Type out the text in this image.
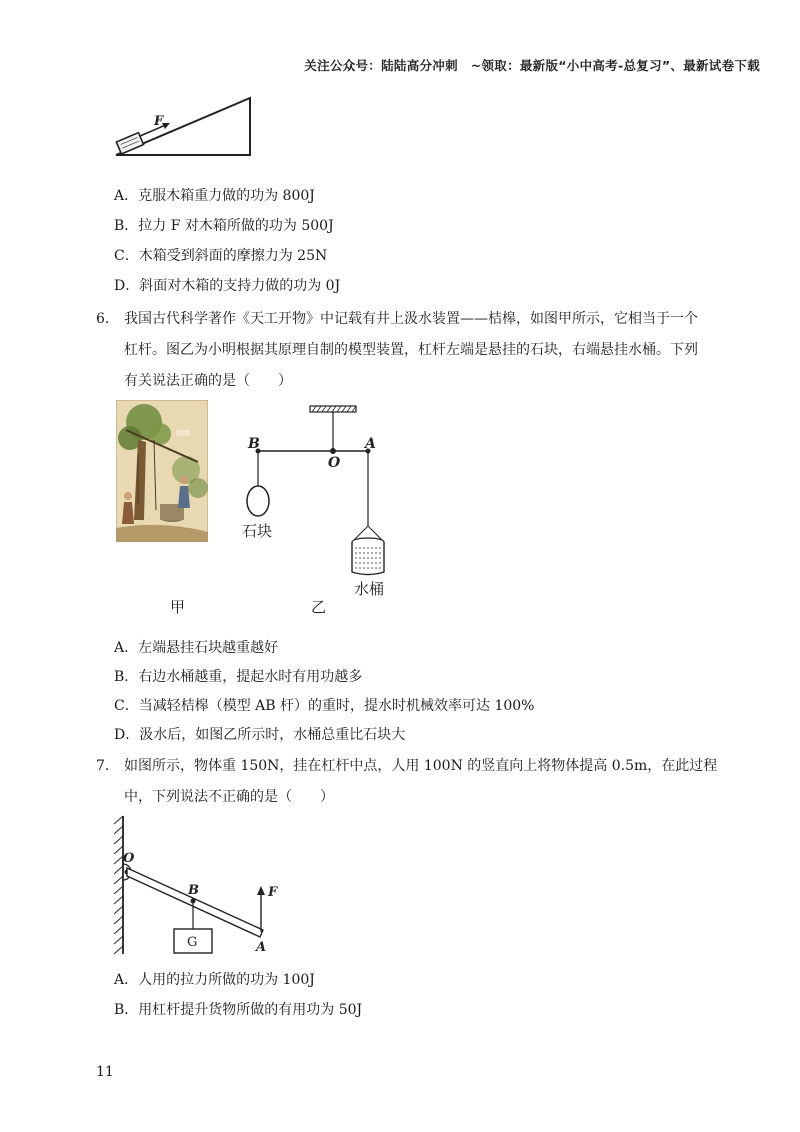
关注公众号：陆陆高分冲刺　~领取：最新版“小中高考-总复习”、最新试卷下载
F
A．克服木箱重力做的功为 800J
B．拉力 F 对木箱所做的功为 500J
C．木箱受到斜面的摩擦力为 25N
D．斜面对木箱的支持力做的功为 0J
6. 我国古代科学著作《天工开物》中记载有井上汲水装置——桔槔，如图甲所示，它相当于一个
杠杆。图乙为小明根据其原理自制的模型装置，杠杆左端是悬挂的石块，右端悬挂水桶。下列
有关说法正确的是（　　）
甲
B
O
A
石块
水桶
乙
A．左端悬挂石块越重越好
B．右边水桶越重，提起水时有用功越多
C．当减轻桔槔（模型 AB 杆）的重时，提水时机械效率可达 100%
D．汲水后，如图乙所示时，水桶总重比石块大
7. 如图所示，物体重 150N，挂在杠杆中点，人用 100N 的竖直向上将物体提高 0.5m，在此过程
中，下列说法不正确的是（　　）
O
B
G
F
A
A．人用的拉力所做的功为 100J
B．用杠杆提升货物所做的有用功为 50J
11
